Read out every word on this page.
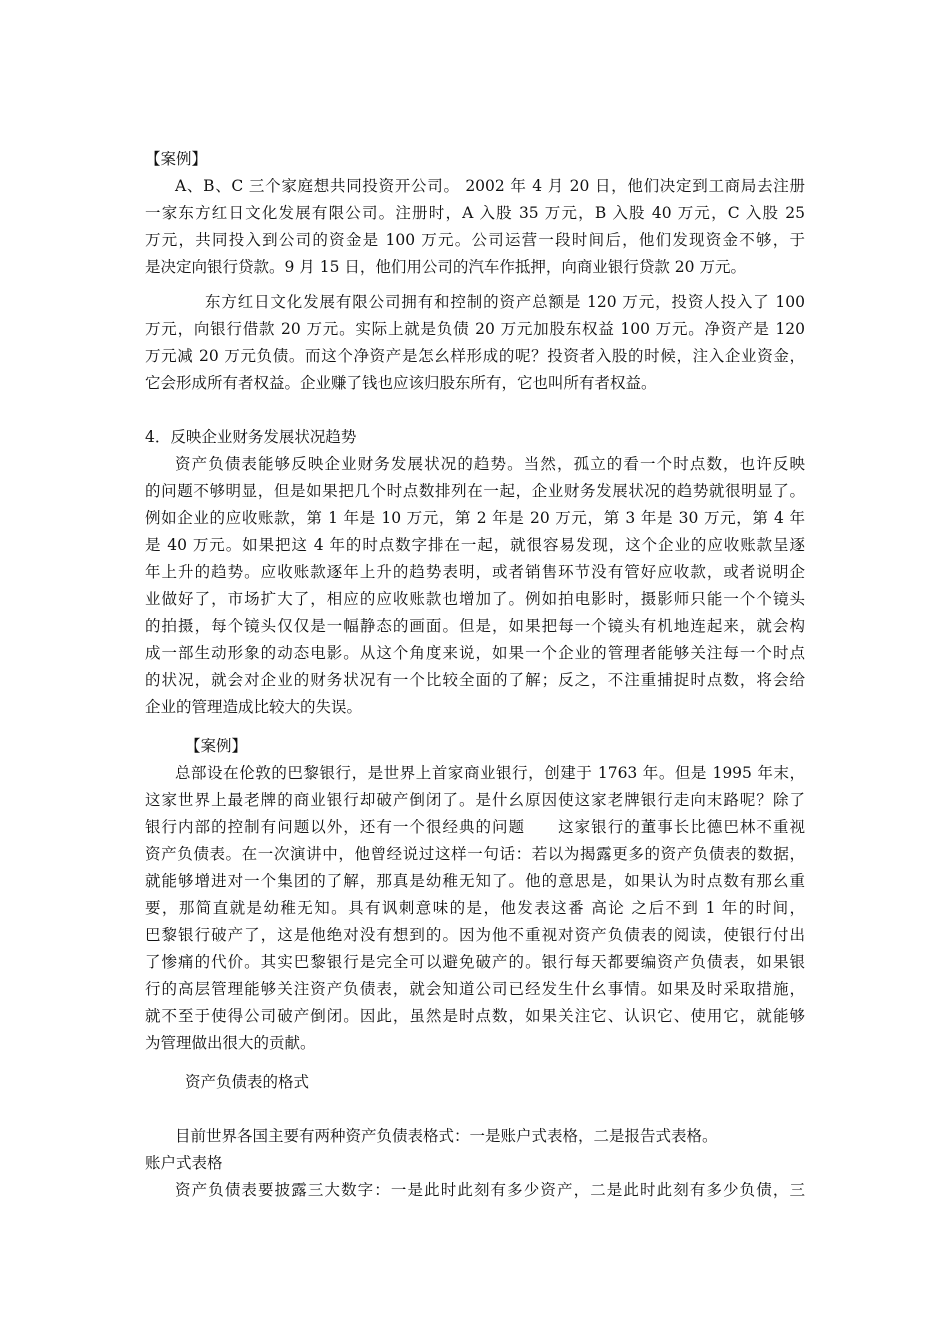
【案例】
A、B、C 三个家庭想共同投资开公司。 2002 年 4 月 20 日，他们决定到工商局去注册
一家东方红日文化发展有限公司。注册时，A 入股 35 万元，B 入股 40 万元，C 入股 25
万元，共同投入到公司的资金是 100 万元。公司运营一段时间后，他们发现资金不够，于
是决定向银行贷款。9 月 15 日，他们用公司的汽车作抵押，向商业银行贷款 20 万元。
东方红日文化发展有限公司拥有和控制的资产总额是 120 万元，投资人投入了 100
万元，向银行借款 20 万元。实际上就是负债 20 万元加股东权益 100 万元。净资产是 120
万元减 20 万元负债。而这个净资产是怎幺样形成的呢？投资者入股的时候，注入企业资金，
它会形成所有者权益。企业赚了钱也应该归股东所有，它也叫所有者权益。
4．反映企业财务发展状况趋势
资产负债表能够反映企业财务发展状况的趋势。当然，孤立的看一个时点数，也许反映
的问题不够明显，但是如果把几个时点数排列在一起，企业财务发展状况的趋势就很明显了。
例如企业的应收账款，第 1 年是 10 万元，第 2 年是 20 万元，第 3 年是 30 万元，第 4 年
是 40 万元。如果把这 4 年的时点数字排在一起，就很容易发现，这个企业的应收账款呈逐
年上升的趋势。应收账款逐年上升的趋势表明，或者销售环节没有管好应收款，或者说明企
业做好了，市场扩大了，相应的应收账款也增加了。例如拍电影时，摄影师只能一个个镜头
的拍摄，每个镜头仅仅是一幅静态的画面。但是，如果把每一个镜头有机地连起来，就会构
成一部生动形象的动态电影。从这个角度来说，如果一个企业的管理者能够关注每一个时点
的状况，就会对企业的财务状况有一个比较全面的了解；反之，不注重捕捉时点数，将会给
企业的管理造成比较大的失误。
【案例】
总部设在伦敦的巴黎银行，是世界上首家商业银行，创建于 1763 年。但是 1995 年末，
这家世界上最老牌的商业银行却破产倒闭了。是什幺原因使这家老牌银行走向末路呢？除了
银行内部的控制有问题以外，还有一个很经典的问题　　这家银行的董事长比德巴林不重视
资产负债表。在一次演讲中，他曾经说过这样一句话：若以为揭露更多的资产负债表的数据，
就能够增进对一个集团的了解，那真是幼稚无知了。他的意思是，如果认为时点数有那幺重
要，那简直就是幼稚无知。具有讽刺意味的是，他发表这番 高论 之后不到 1 年的时间，
巴黎银行破产了，这是他绝对没有想到的。因为他不重视对资产负债表的阅读，使银行付出
了惨痛的代价。其实巴黎银行是完全可以避免破产的。银行每天都要编资产负债表，如果银
行的高层管理能够关注资产负债表，就会知道公司已经发生什幺事情。如果及时采取措施，
就不至于使得公司破产倒闭。因此，虽然是时点数，如果关注它、认识它、使用它，就能够
为管理做出很大的贡献。
资产负债表的格式
目前世界各国主要有两种资产负债表格式：一是账户式表格，二是报告式表格。
账户式表格
资产负债表要披露三大数字：一是此时此刻有多少资产，二是此时此刻有多少负债，三
